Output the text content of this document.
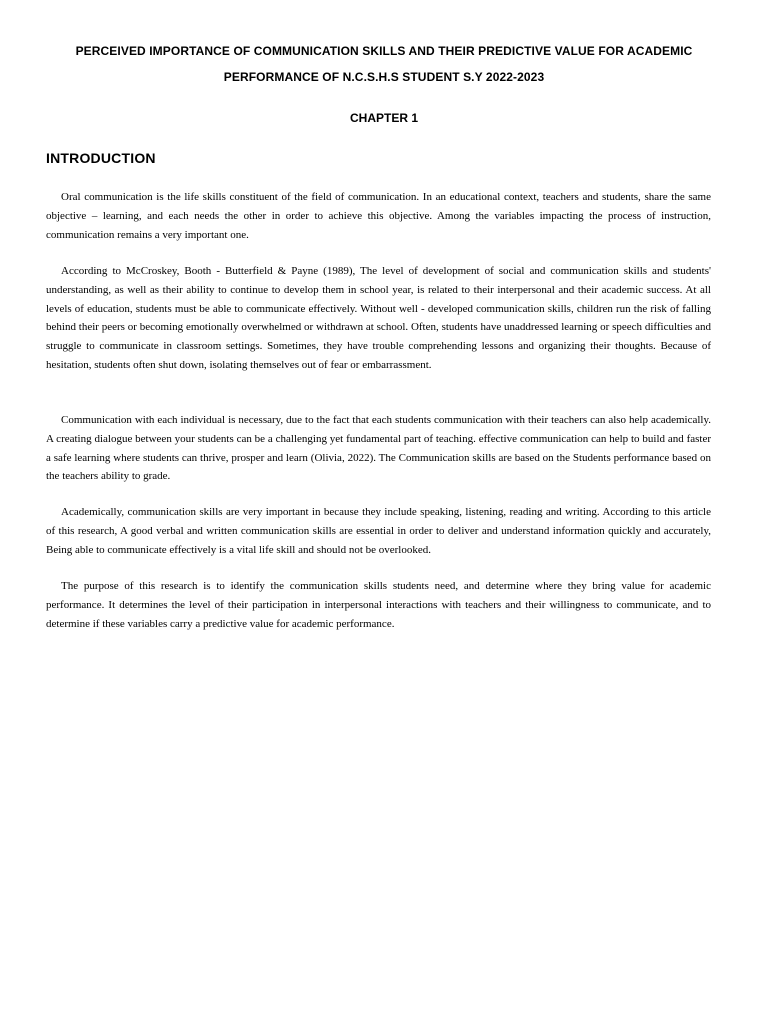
PERCEIVED IMPORTANCE OF COMMUNICATION SKILLS AND THEIR PREDICTIVE VALUE FOR ACADEMIC
PERFORMANCE OF N.C.S.H.S STUDENT S.Y 2022-2023
CHAPTER 1
INTRODUCTION

Oral communication is the life skills constituent of the field of communication. In an educational context, teachers and students, share the same objective – learning, and each needs the other in order to achieve this objective. Among the variables impacting the process of instruction, communication remains a very important one.

According to McCroskey, Booth - Butterfield & Payne (1989), The level of development of social and communication skills and students' understanding, as well as their ability to continue to develop them in school year, is related to their interpersonal and their academic success. At all levels of education, students must be able to communicate effectively. Without well - developed communication skills, children run the risk of falling behind their peers or becoming emotionally overwhelmed or withdrawn at school. Often, students have unaddressed learning or speech difficulties and struggle to communicate in classroom settings. Sometimes, they have trouble comprehending lessons and organizing their thoughts. Because of hesitation, students often shut down, isolating themselves out of fear or embarrassment.

Communication with each individual is necessary, due to the fact that each students communication with their teachers can also help academically. A creating dialogue between your students can be a challenging yet fundamental part of teaching. effective communication can help to build and faster a safe learning where students can thrive, prosper and learn (Olivia, 2022). The Communication skills are based on the Students performance based on the teachers ability to grade.

Academically, communication skills are very important in because they include speaking, listening, reading and writing. According to this article of this research, A good verbal and written communication skills are essential in order to deliver and understand information quickly and accurately, Being able to communicate effectively is a vital life skill and should not be overlooked.

The purpose of this research is to identify the communication skills students need, and determine where they bring value for academic performance. It determines the level of their participation in interpersonal interactions with teachers and their willingness to communicate, and to determine if these variables carry a predictive value for academic performance.
